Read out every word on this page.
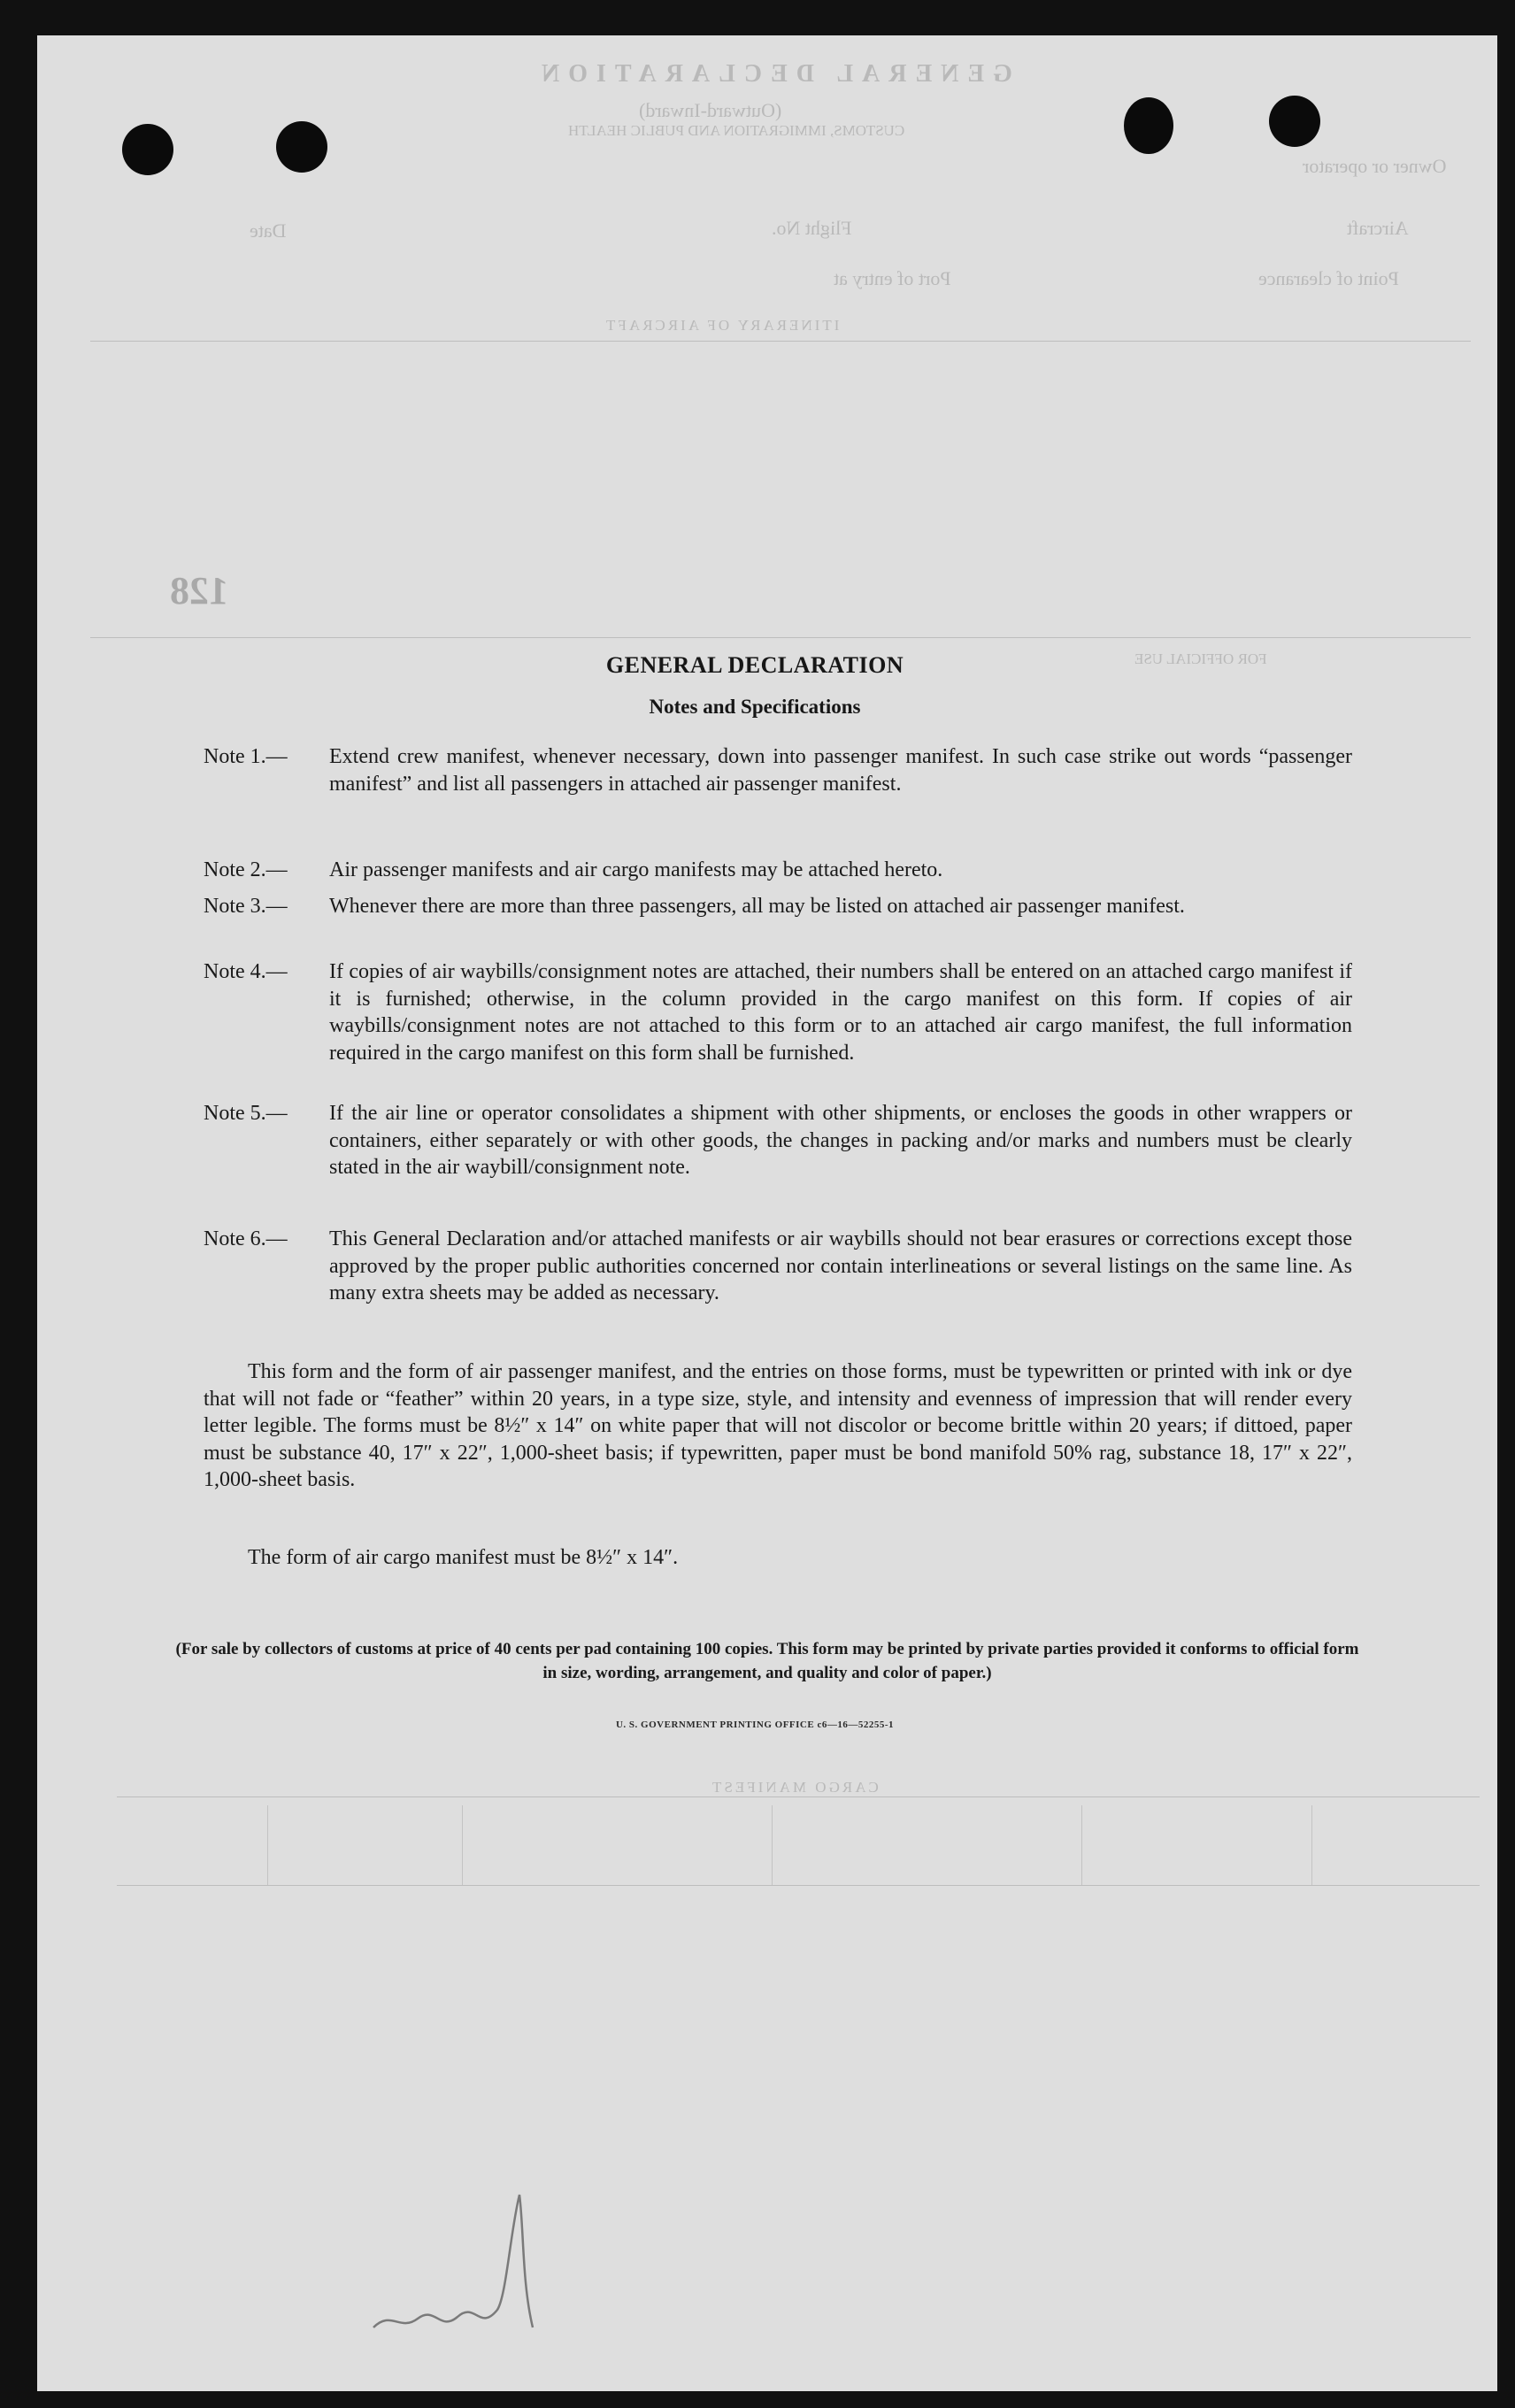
GENERAL DECLARATION
(Outward-Inward)
CUSTOMS, IMMIGRATION AND PUBLIC HEALTH
Owner or operator
Aircraft
Flight No.
Date
Point of clearance
Port of entry at
ITINERARY OF AIRCRAFT
128
FOR OFFICIAL USE
CARGO MANIFEST
GENERAL DECLARATION
Notes and Specifications
Note 1.—	Extend crew manifest, whenever necessary, down into passenger manifest. In such case strike out words “passenger manifest” and list all passengers in attached air passenger manifest.
Note 2.—	Air passenger manifests and air cargo manifests may be attached hereto.
Note 3.—	Whenever there are more than three passengers, all may be listed on attached air passenger manifest.
Note 4.—	If copies of air waybills/consignment notes are attached, their numbers shall be entered on an attached cargo manifest if it is furnished; otherwise, in the column provided in the cargo manifest on this form. If copies of air waybills/consignment notes are not attached to this form or to an attached air cargo manifest, the full information required in the cargo manifest on this form shall be furnished.
Note 5.—	If the air line or operator consolidates a shipment with other shipments, or encloses the goods in other wrappers or containers, either separately or with other goods, the changes in packing and/or marks and numbers must be clearly stated in the air waybill/consignment note.
Note 6.—	This General Declaration and/or attached manifests or air waybills should not bear erasures or corrections except those approved by the proper public authorities concerned nor contain interlineations or several listings on the same line. As many extra sheets may be added as necessary.
This form and the form of air passenger manifest, and the entries on those forms, must be typewritten or printed with ink or dye that will not fade or “feather” within 20 years, in a type size, style, and intensity and evenness of impression that will render every letter legible. The forms must be 8½″ x 14″ on white paper that will not discolor or become brittle within 20 years; if dittoed, paper must be substance 40, 17″ x 22″, 1,000-sheet basis; if typewritten, paper must be bond manifold 50% rag, substance 18, 17″ x 22″, 1,000-sheet basis.
The form of air cargo manifest must be 8½″ x 14″.
(For sale by collectors of customs at price of 40 cents per pad containing 100 copies. This form may be printed by private parties provided it conforms to official form in size, wording, arrangement, and quality and color of paper.)
U. S. GOVERNMENT PRINTING OFFICE c6—16—52255-1
